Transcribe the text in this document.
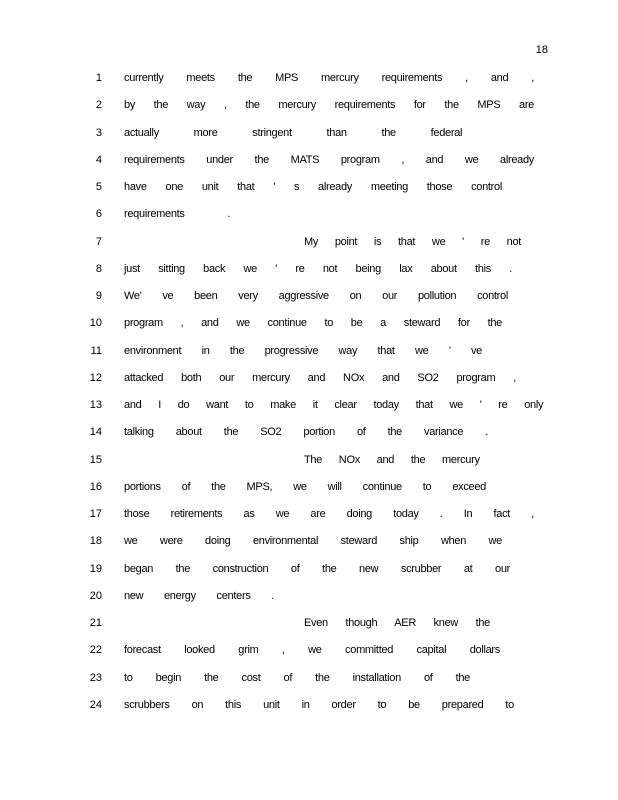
18
1 currently meets the MPS mercury requirements , and ,
2 by the way , the mercury requirements for the MPS are
3 actually more stringent than the federal
4 requirements under the MATS program , and we already
5 have one unit that ' s already meeting those control
6 requirements .
7	My point is that we ' re not
8 just sitting back we ' re not being lax about this .
9 We' ve been very aggressive on our pollution control
10 program , and we continue to be a steward for the
11 environment in the progressive way that we ' ve
12 attacked both our mercury and NOx and SO2 program ,
13 and I do want to make it clear today that we ' re only
14 talking about the SO2 portion of the variance .
15	The NOx and the mercury
16 portions of the MPS, we will continue to exceed
17 those retirements as we are doing today . In fact ,
18 we were doing environmental steward ship when we
19 began the construction of the new scrubber at our
20 new energy centers .
21	Even though AER knew the
22 forecast looked grim , we committed capital dollars
23 to begin the cost of the installation of the
24 scrubbers on this unit in order to be prepared to
